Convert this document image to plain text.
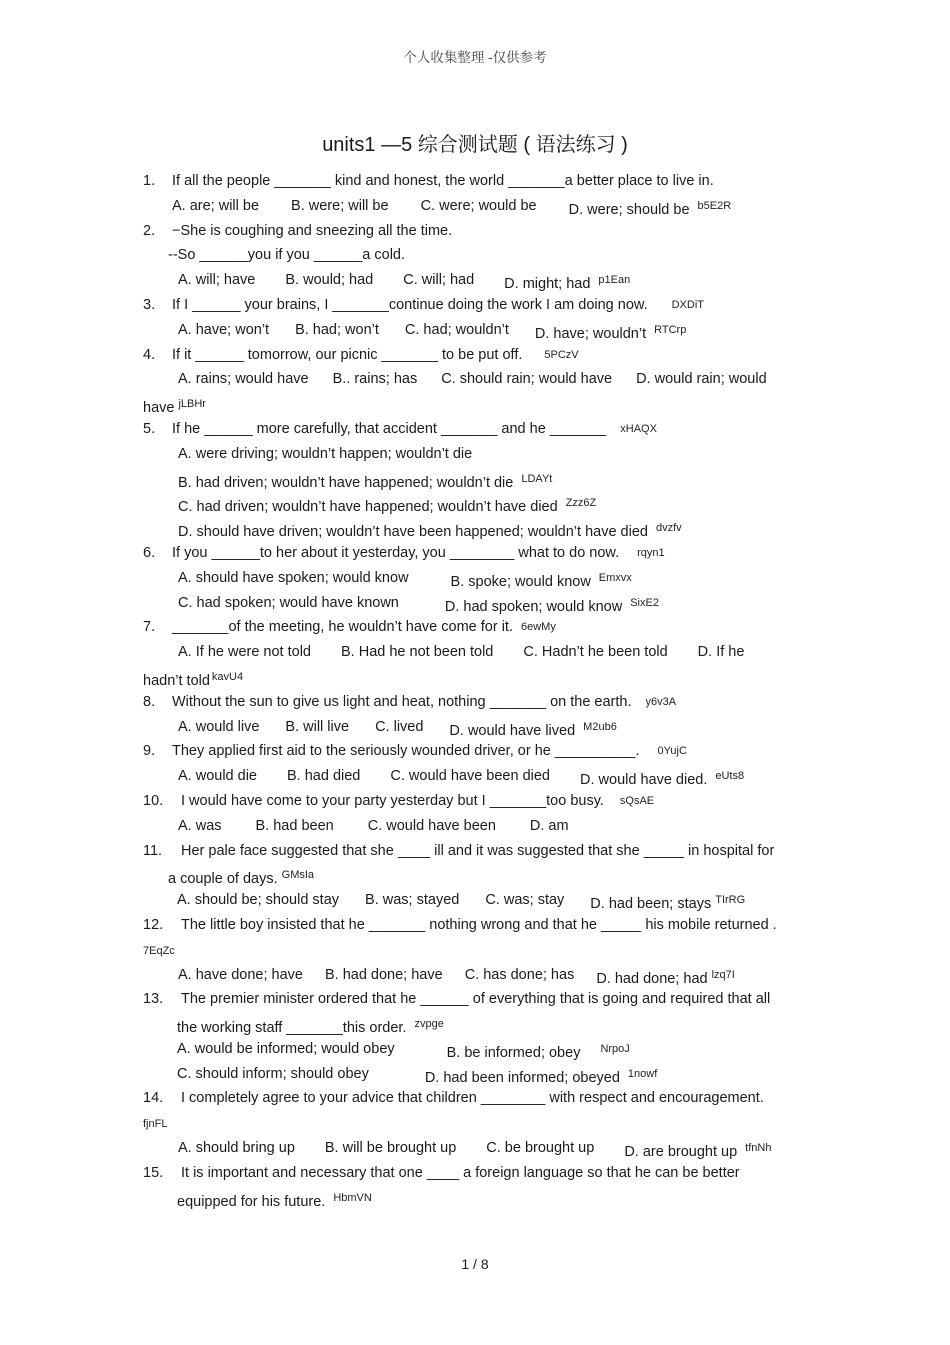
个人收集整理 -仅供参考
units1 —5 综合测试题 ( 语法练习 )
1.	If all the people _______ kind and honest, the world _______a better place to live in.
A. are; will be B. were; will be C. were; would be D. were; should be $^{b5E2R}$
2.	−She is coughing and sneezing all the time.
--So ______you if you ______a cold.
A. will; have B. would; had C. will; had D. might; had $^{p1Ean}$
3.	If I ______ your brains, I _______continue doing the work I am doing now. DXDiT
A. have; won’t B. had; won’t C. had; wouldn’t D. have; wouldn’t $^{RTCrp}$
4.	If it ______ tomorrow, our picnic _______ to be put off. 5PCzV
A. rains; would have B.. rains; has C. should rain; would have D. would rain; would
have $^{jLBHr}$
5.	If he ______ more carefully, that accident _______ and he _______ xHAQX
A. were driving; wouldn’t happen; wouldn’t die
B. had driven; wouldn’t have happened; wouldn’t die $^{LDAYt}$
C. had driven; wouldn’t have happened; wouldn’t have died $^{Zzz6Z}$
D. should have driven; wouldn’t have been happened; wouldn’t have died $^{dvzfv}$
6.	If you ______to her about it yesterday, you ________ what to do now. rqyn1
A. should have spoken; would know	B. spoke; would know $^{Emxvx}$
C. had spoken; would have known	D. had spoken; would know $^{SixE2}$
7.	_______of the meeting, he wouldn’t have come for it. 6ewMy
A. If he were not told B. Had he not been told C. Hadn’t he been told D. If he
hadn’t told $^{kavU4}$
8.	Without the sun to give us light and heat, nothing _______ on the earth. y6v3A
A. would live B. will live C. lived D. would have lived $^{M2ub6}$
9.	They applied first aid to the seriously wounded driver, or he __________. 0YujC
A. would die B. had died C. would have been died D. would have died. $^{eUts8}$
10.	I would have come to your party yesterday but I _______too busy. sQsAE
A. was B. had been C. would have been D. am
11.	Her pale face suggested that she ____ ill and it was suggested that she _____ in hospital for
a couple of days. $^{GMsIa}$
A. should be; should stay B. was; stayed C. was; stay D. had been; stays $^{TIrRG}$
12.	The little boy insisted that he _______ nothing wrong and that he _____ his mobile returned .
7EqZc
A. have done; have B. had done; have C. has done; has D. had done; had $^{lzq7I}$
13.	The premier minister ordered that he ______ of everything that is going and required that all
the working staff _______this order. $^{zvpge}$
A. would be informed; would obey	B. be informed; obey $^{NrpoJ}$
C. should inform; should obey	D. had been informed; obeyed $^{1nowf}$
14.	I completely agree to your advice that children ________ with respect and encouragement.
fjnFL
A. should bring up B. will be brought up C. be brought up D. are brought up $^{tfnNh}$
15.	It is important and necessary that one ____ a foreign language so that he can be better
equipped for his future. $^{HbmVN}$
1 / 8
